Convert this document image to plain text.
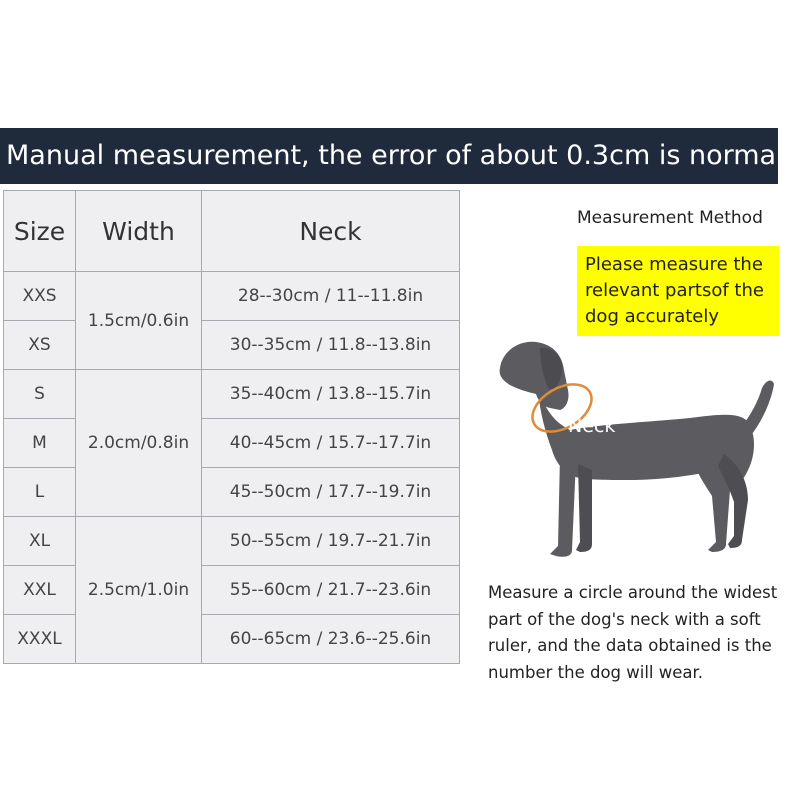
Manual measurement, the error of about 0.3cm is normal.
Size	Width	Neck
XXS	1.5cm/0.6in	28--30cm / 11--11.8in
XS		30--35cm / 11.8--13.8in
S	2.0cm/0.8in	35--40cm / 13.8--15.7in
M		40--45cm / 15.7--17.7in
L		45--50cm / 17.7--19.7in
XL	2.5cm/1.0in	50--55cm / 19.7--21.7in
XXL		55--60cm / 21.7--23.6in
XXXL		60--65cm / 23.6--25.6in
Measurement Method
Please measure the relevant partsof the dog accurately
Neck
Measure a circle around the widest part of the dog's neck with a soft ruler, and the data obtained is the number the dog will wear.
